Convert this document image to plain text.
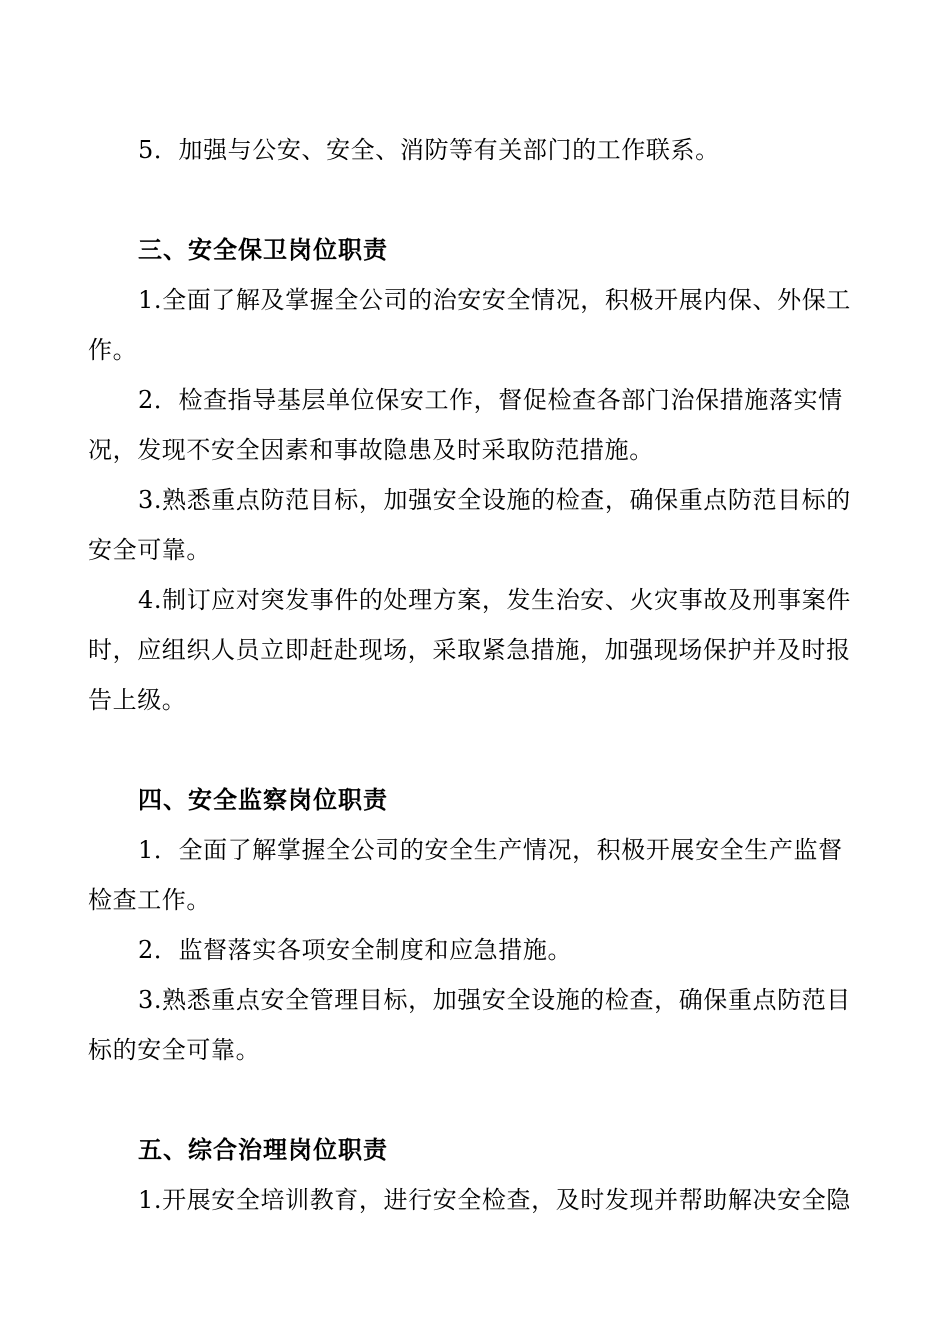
5．加强与公安、安全、消防等有关部门的工作联系。
三、安全保卫岗位职责
1.全面了解及掌握全公司的治安安全情况，积极开展内保、外保工
作。
2．检查指导基层单位保安工作，督促检查各部门治保措施落实情
况，发现不安全因素和事故隐患及时采取防范措施。
3.熟悉重点防范目标，加强安全设施的检查，确保重点防范目标的
安全可靠。
4.制订应对突发事件的处理方案，发生治安、火灾事故及刑事案件
时，应组织人员立即赶赴现场，采取紧急措施，加强现场保护并及时报
告上级。
四、安全监察岗位职责
1．全面了解掌握全公司的安全生产情况，积极开展安全生产监督
检查工作。
2．监督落实各项安全制度和应急措施。
3.熟悉重点安全管理目标，加强安全设施的检查，确保重点防范目
标的安全可靠。
五、综合治理岗位职责
1.开展安全培训教育，进行安全检查，及时发现并帮助解决安全隐
